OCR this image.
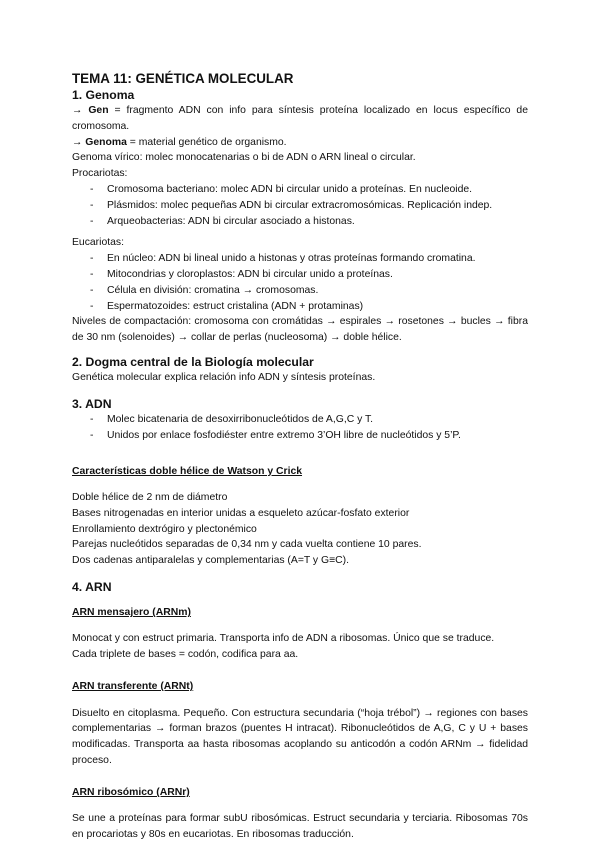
TEMA 11: GENÉTICA MOLECULAR

1. Genoma

→ Gen = fragmento ADN con info para síntesis proteína localizado en locus específico de cromosoma.

→ Genoma = material genético de organismo.

Genoma vírico: molec monocatenarias o bi de ADN o ARN lineal o circular.

Procariotas:

- Cromosoma bacteriano: molec ADN bi circular unido a proteínas. En nucleoide.
- Plásmidos: molec pequeñas ADN bi circular extracromosómicas. Replicación indep.
- Arqueobacterias: ADN bi circular asociado a histonas.

Eucariotas:

- En núcleo: ADN bi lineal unido a histonas y otras proteínas formando cromatina.
- Mitocondrias y cloroplastos: ADN bi circular unido a proteínas.
- Célula en división: cromatina → cromosomas.
- Espermatozoides: estruct cristalina (ADN + protaminas)

Niveles de compactación: cromosoma con cromátidas → espirales → rosetones → bucles → fibra de 30 nm (solenoides) → collar de perlas (nucleosoma) → doble hélice.

2. Dogma central de la Biología molecular

Genética molecular explica relación info ADN y síntesis proteínas.

3. ADN

- Molec bicatenaria de desoxirribonucleótidos de A,G,C y T.
- Unidos por enlace fosfodiéster entre extremo 3’OH libre de nucleótidos y 5’P.

Características doble hélice de Watson y Crick

Doble hélice de 2 nm de diámetro

Bases nitrogenadas en interior unidas a esqueleto azúcar-fosfato exterior

Enrollamiento dextrógiro y plectonémico

Parejas nucleótidos separadas de 0,34 nm y cada vuelta contiene 10 pares.

Dos cadenas antiparalelas y complementarias (A=T y G≡C).

4. ARN

ARN mensajero (ARNm)

Monocat y con estruct primaria. Transporta info de ADN a ribosomas. Único que se traduce.

Cada triplete de bases = codón, codifica para aa.

ARN transferente (ARNt)

Disuelto en citoplasma. Pequeño. Con estructura secundaria (“hoja trébol”) → regiones con bases complementarias → forman brazos (puentes H intracat). Ribonucleótidos de A,G, C y U + bases modificadas. Transporta aa hasta ribosomas acoplando su anticodón a codón ARNm → fidelidad proceso.

ARN ribosómico (ARNr)

Se une a proteínas para formar subU ribosómicas. Estruct secundaria y terciaria. Ribosomas 70s en procariotas y 80s en eucariotas. En ribosomas traducción.
